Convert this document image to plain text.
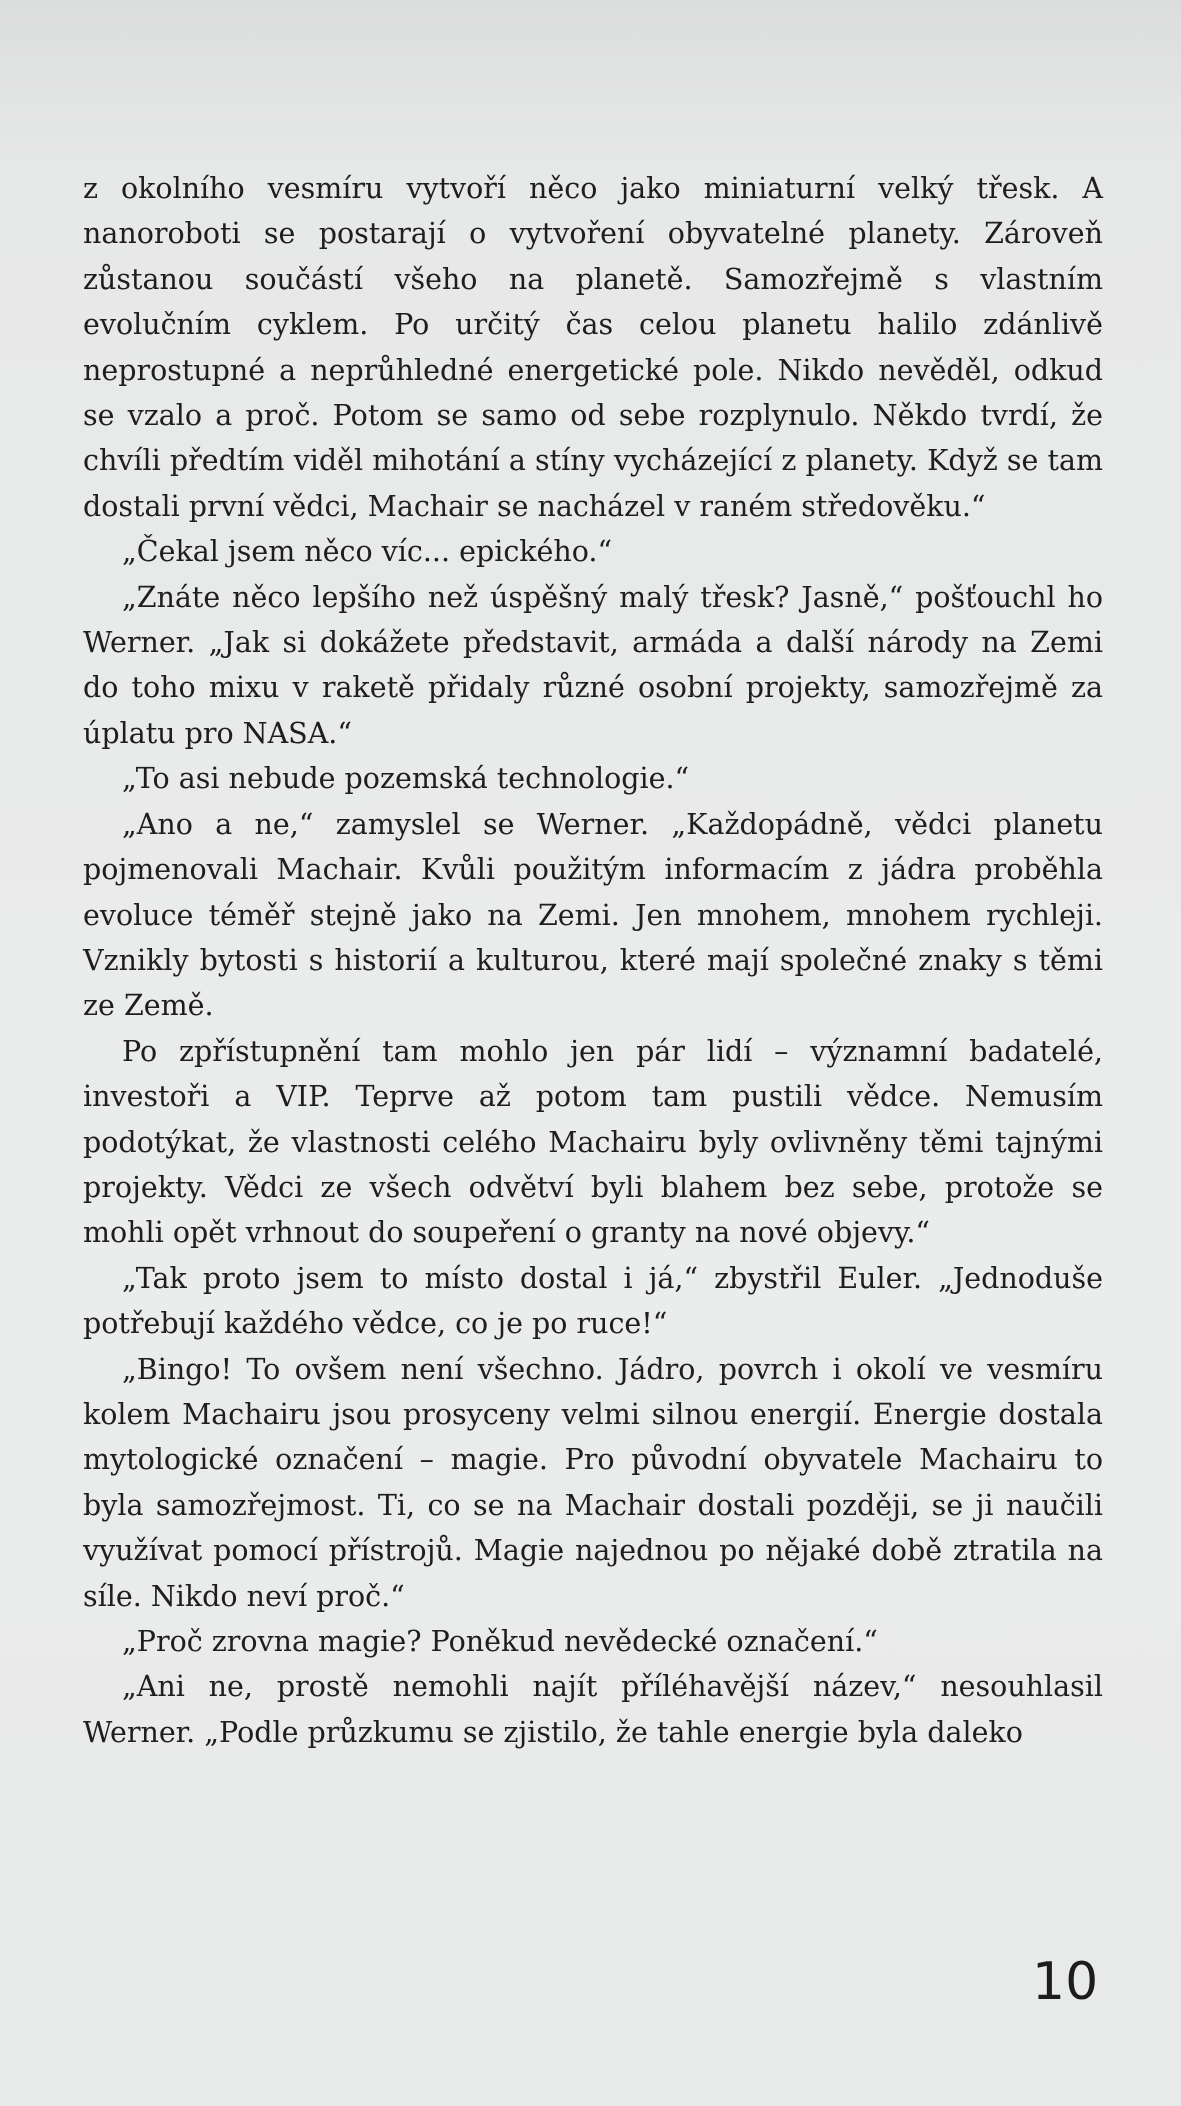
z okolního vesmíru vytvoří něco jako miniaturní velký třesk. A nanoroboti se postarají o vytvoření obyvatelné planety. Zároveň zůstanou součástí všeho na planetě. Samozřejmě s vlastním evolučním cyklem. Po určitý čas celou planetu halilo zdánlivě neprostupné a neprůhledné energetické pole. Nikdo nevěděl, odkud se vzalo a proč. Potom se samo od sebe rozplynulo. Někdo tvrdí, že chvíli předtím viděl mihotání a stíny vycházející z planety. Když se tam dostali první vědci, Machair se nacházel v raném středověku.“

„Čekal jsem něco víc... epického.“

„Znáte něco lepšího než úspěšný malý třesk? Jasně,“ pošťouchl ho Werner. „Jak si dokážete představit, armáda a další národy na Zemi do toho mixu v raketě přidaly různé osobní projekty, samozřejmě za úplatu pro NASA.“

„To asi nebude pozemská technologie.“

„Ano a ne,“ zamyslel se Werner. „Každopádně, vědci planetu pojmenovali Machair. Kvůli použitým informacím z jádra proběhla evoluce téměř stejně jako na Zemi. Jen mnohem, mnohem rychleji. Vznikly bytosti s historií a kulturou, které mají společné znaky s těmi ze Země.

Po zpřístupnění tam mohlo jen pár lidí – významní badatelé, investoři a VIP. Teprve až potom tam pustili vědce. Nemusím podotýkat, že vlastnosti celého Machairu byly ovlivněny těmi tajnými projekty. Vědci ze všech odvětví byli blahem bez sebe, protože se mohli opět vrhnout do soupeření o granty na nové objevy.“

„Tak proto jsem to místo dostal i já,“ zbystřil Euler. „Jednoduše potřebují každého vědce, co je po ruce!“

„Bingo! To ovšem není všechno. Jádro, povrch i okolí ve vesmíru kolem Machairu jsou prosyceny velmi silnou energií. Energie dostala mytologické označení – magie. Pro původní obyvatele Machairu to byla samozřejmost. Ti, co se na Machair dostali později, se ji naučili využívat pomocí přístrojů. Magie najednou po nějaké době ztratila na síle. Nikdo neví proč.“

„Proč zrovna magie? Poněkud nevědecké označení.“

„Ani ne, prostě nemohli najít příléhavější název,“ nesouhlasil Werner. „Podle průzkumu se zjistilo, že tahle energie byla daleko

10
